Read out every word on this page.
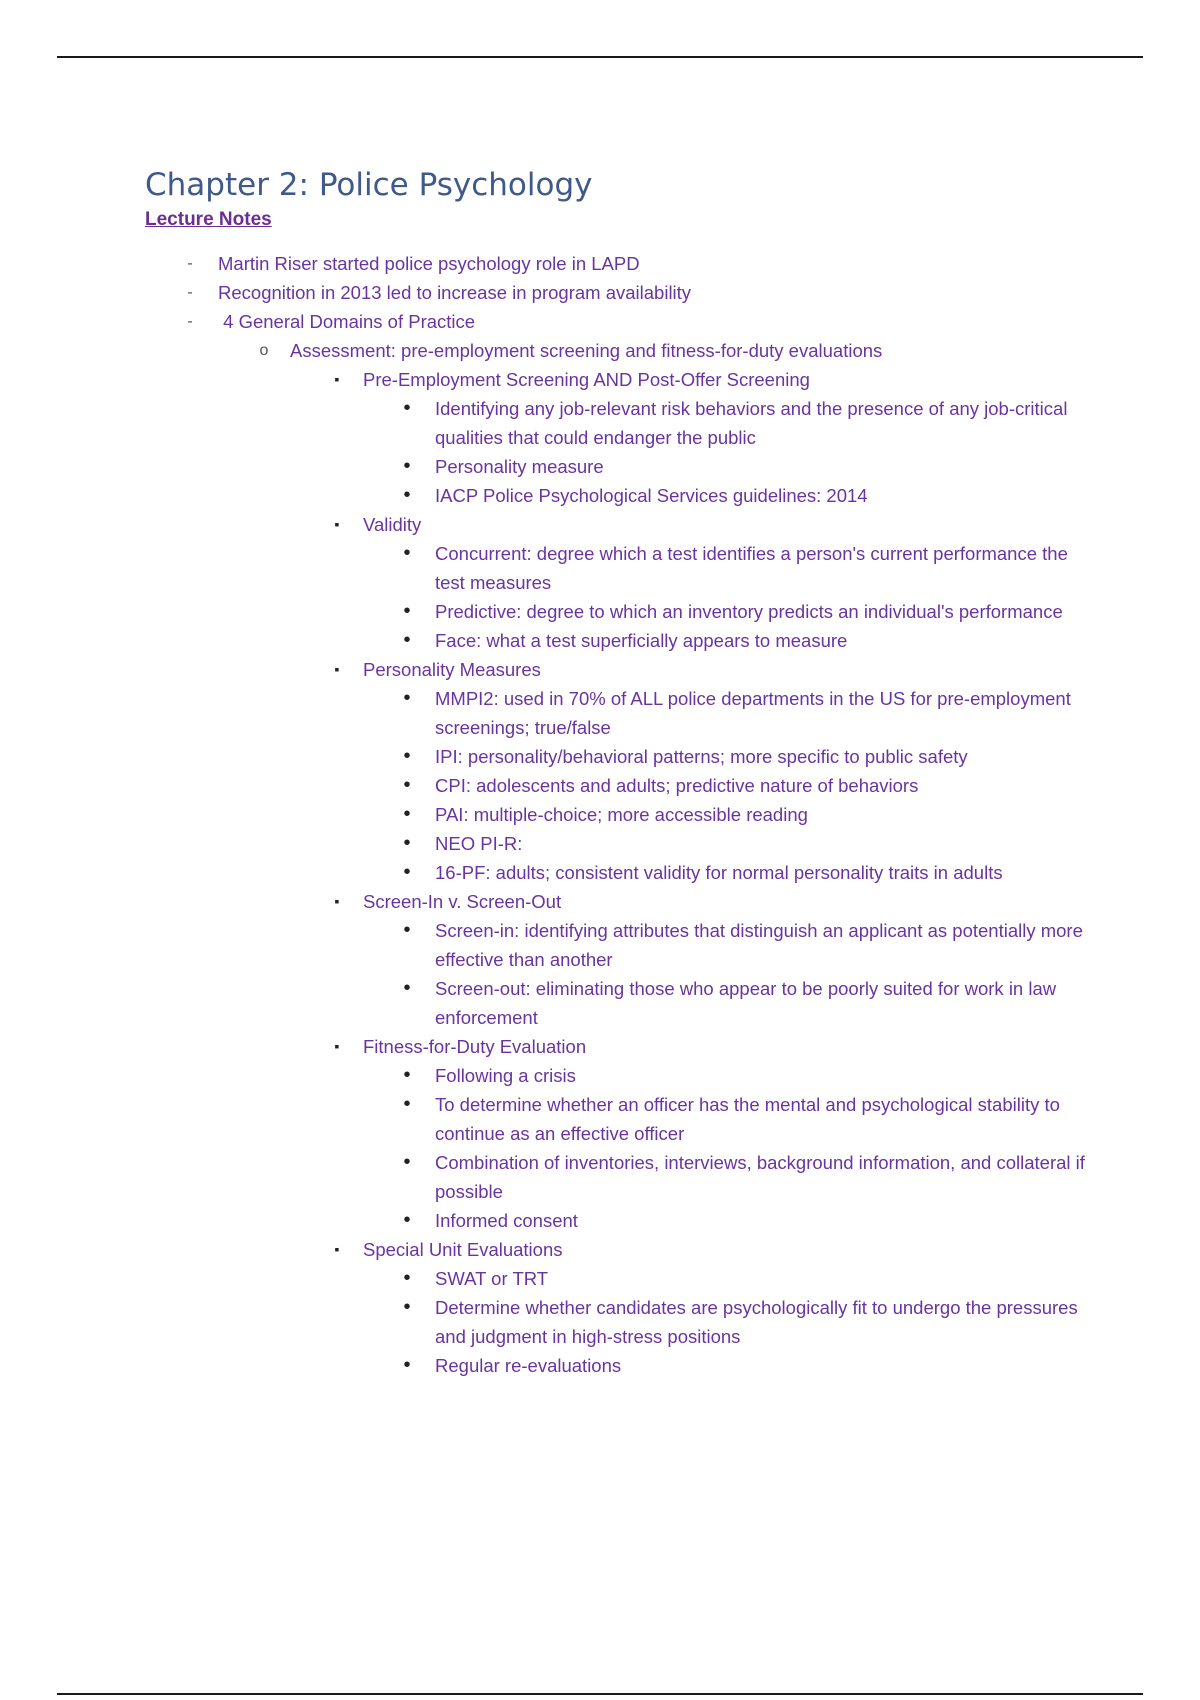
Chapter 2: Police Psychology
Lecture Notes
-
Martin Riser started police psychology role in LAPD
-
Recognition in 2013 led to increase in program availability
-
4 General Domains of Practice
o
Assessment: pre-employment screening and fitness-for-duty evaluations
▪
Pre-Employment Screening AND Post-Offer Screening
•
Identifying any job-relevant risk behaviors and the presence of any job-critical qualities that could endanger the public
•
Personality measure
•
IACP Police Psychological Services guidelines: 2014
▪
Validity
•
Concurrent: degree which a test identifies a person's current performance the test measures
•
Predictive: degree to which an inventory predicts an individual's performance
•
Face: what a test superficially appears to measure
▪
Personality Measures
•
MMPI2: used in 70% of ALL police departments in the US for pre-employment screenings; true/false
•
IPI: personality/behavioral patterns; more specific to public safety
•
CPI: adolescents and adults; predictive nature of behaviors
•
PAI: multiple-choice; more accessible reading
•
NEO PI-R:
•
16-PF: adults; consistent validity for normal personality traits in adults
▪
Screen-In v. Screen-Out
•
Screen-in: identifying attributes that distinguish an applicant as potentially more effective than another
•
Screen-out: eliminating those who appear to be poorly suited for work in law enforcement
▪
Fitness-for-Duty Evaluation
•
Following a crisis
•
To determine whether an officer has the mental and psychological stability to continue as an effective officer
•
Combination of inventories, interviews, background information, and collateral if possible
•
Informed consent
▪
Special Unit Evaluations
•
SWAT or TRT
•
Determine whether candidates are psychologically fit to undergo the pressures and judgment in high-stress positions
•
Regular re-evaluations
